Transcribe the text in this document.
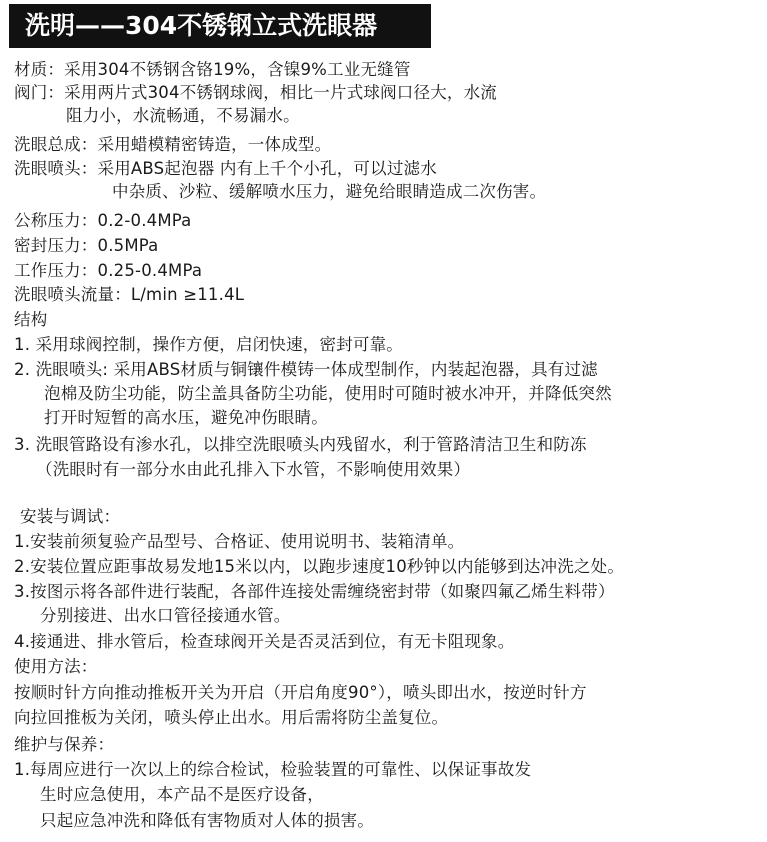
洗明——304不锈钢立式洗眼器
材质：采用304不锈钢含铬19%，含镍9%工业无缝管
阀门：采用两片式304不锈钢球阀，相比一片式球阀口径大，水流
阻力小，水流畅通，不易漏水。
洗眼总成：采用蜡模精密铸造，一体成型。
洗眼喷头：采用ABS起泡器 内有上千个小孔，可以过滤水
中杂质、沙粒、缓解喷水压力，避免给眼睛造成二次伤害。
公称压力：0.2-0.4MPa
密封压力：0.5MPa
工作压力：0.25-0.4MPa
洗眼喷头流量：L/min ≥11.4L
结构
1. 采用球阀控制，操作方便，启闭快速，密封可靠。
2. 洗眼喷头: 采用ABS材质与铜镶件模铸一体成型制作，内装起泡器，具有过滤
泡棉及防尘功能，防尘盖具备防尘功能，使用时可随时被水冲开，并降低突然
打开时短暂的高水压，避免冲伤眼睛。
3. 洗眼管路设有渗水孔，以排空洗眼喷头内残留水，利于管路清洁卫生和防冻
（洗眼时有一部分水由此孔排入下水管，不影响使用效果）
安装与调试：
1.安装前须复验产品型号、合格证、使用说明书、装箱清单。
2.安装位置应距事故易发地15米以内，以跑步速度10秒钟以内能够到达冲洗之处。
3.按图示将各部件进行装配，各部件连接处需缠绕密封带（如聚四氟乙烯生料带）
分别接进、出水口管径接通水管。
4.接通进、排水管后，检查球阀开关是否灵活到位，有无卡阻现象。
使用方法：
按顺时针方向推动推板开关为开启（开启角度90°），喷头即出水，按逆时针方
向拉回推板为关闭，喷头停止出水。用后需将防尘盖复位。
维护与保养：
1.每周应进行一次以上的综合检试，检验装置的可靠性、以保证事故发
生时应急使用，本产品不是医疗设备，
只起应急冲洗和降低有害物质对人体的损害。
